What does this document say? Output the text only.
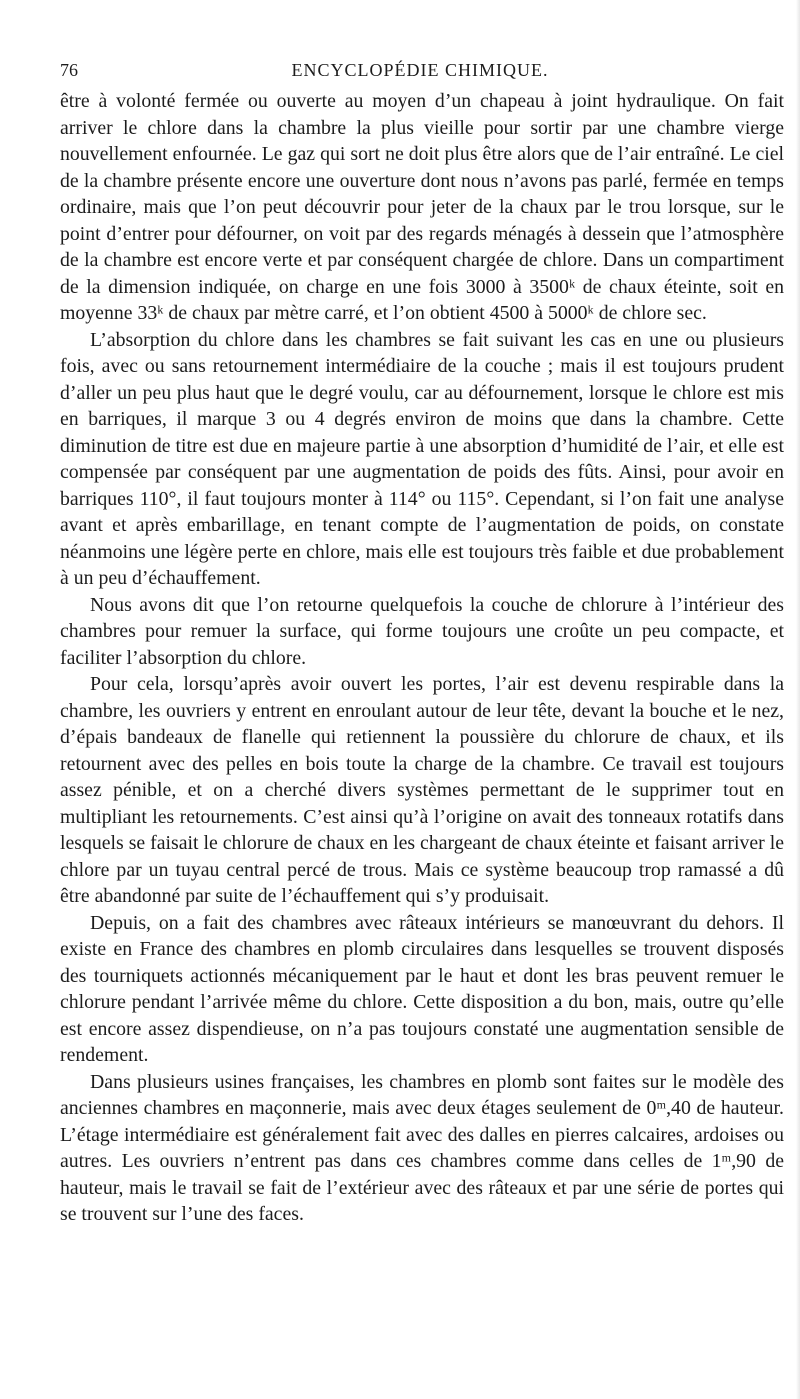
76	ENCYCLOPÉDIE CHIMIQUE.

être à volonté fermée ou ouverte au moyen d’un chapeau à joint hydraulique. On fait arriver le chlore dans la chambre la plus vieille pour sortir par une chambre vierge nouvellement enfournée. Le gaz qui sort ne doit plus être alors que de l’air entraîné. Le ciel de la chambre présente encore une ouverture dont nous n’avons pas parlé, fermée en temps ordinaire, mais que l’on peut découvrir pour jeter de la chaux par le trou lorsque, sur le point d’entrer pour défourner, on voit par des regards ménagés à dessein que l’atmosphère de la chambre est encore verte et par conséquent chargée de chlore. Dans un compartiment de la dimension indiquée, on charge en une fois 3000 à 3500ᵏ de chaux éteinte, soit en moyenne 33ᵏ de chaux par mètre carré, et l’on obtient 4500 à 5000ᵏ de chlore sec.

L’absorption du chlore dans les chambres se fait suivant les cas en une ou plusieurs fois, avec ou sans retournement intermédiaire de la couche ; mais il est toujours prudent d’aller un peu plus haut que le degré voulu, car au défournement, lorsque le chlore est mis en barriques, il marque 3 ou 4 degrés environ de moins que dans la chambre. Cette diminution de titre est due en majeure partie à une absorption d’humidité de l’air, et elle est compensée par conséquent par une augmentation de poids des fûts. Ainsi, pour avoir en barriques 110°, il faut toujours monter à 114° ou 115°. Cependant, si l’on fait une analyse avant et après embarillage, en tenant compte de l’augmentation de poids, on constate néanmoins une légère perte en chlore, mais elle est toujours très faible et due probablement à un peu d’échauffement.

Nous avons dit que l’on retourne quelquefois la couche de chlorure à l’intérieur des chambres pour remuer la surface, qui forme toujours une croûte un peu compacte, et faciliter l’absorption du chlore.

Pour cela, lorsqu’après avoir ouvert les portes, l’air est devenu respirable dans la chambre, les ouvriers y entrent en enroulant autour de leur tête, devant la bouche et le nez, d’épais bandeaux de flanelle qui retiennent la poussière du chlorure de chaux, et ils retournent avec des pelles en bois toute la charge de la chambre. Ce travail est toujours assez pénible, et on a cherché divers systèmes permettant de le supprimer tout en multipliant les retournements. C’est ainsi qu’à l’origine on avait des tonneaux rotatifs dans lesquels se faisait le chlorure de chaux en les chargeant de chaux éteinte et faisant arriver le chlore par un tuyau central percé de trous. Mais ce système beaucoup trop ramassé a dû être abandonné par suite de l’échauffement qui s’y produisait.

Depuis, on a fait des chambres avec râteaux intérieurs se manœuvrant du dehors. Il existe en France des chambres en plomb circulaires dans lesquelles se trouvent disposés des tourniquets actionnés mécaniquement par le haut et dont les bras peuvent remuer le chlorure pendant l’arrivée même du chlore. Cette disposition a du bon, mais, outre qu’elle est encore assez dispendieuse, on n’a pas toujours constaté une augmentation sensible de rendement.

Dans plusieurs usines françaises, les chambres en plomb sont faites sur le modèle des anciennes chambres en maçonnerie, mais avec deux étages seulement de 0ᵐ,40 de hauteur. L’étage intermédiaire est généralement fait avec des dalles en pierres calcaires, ardoises ou autres. Les ouvriers n’entrent pas dans ces chambres comme dans celles de 1ᵐ,90 de hauteur, mais le travail se fait de l’extérieur avec des râteaux et par une série de portes qui se trouvent sur l’une des faces.
